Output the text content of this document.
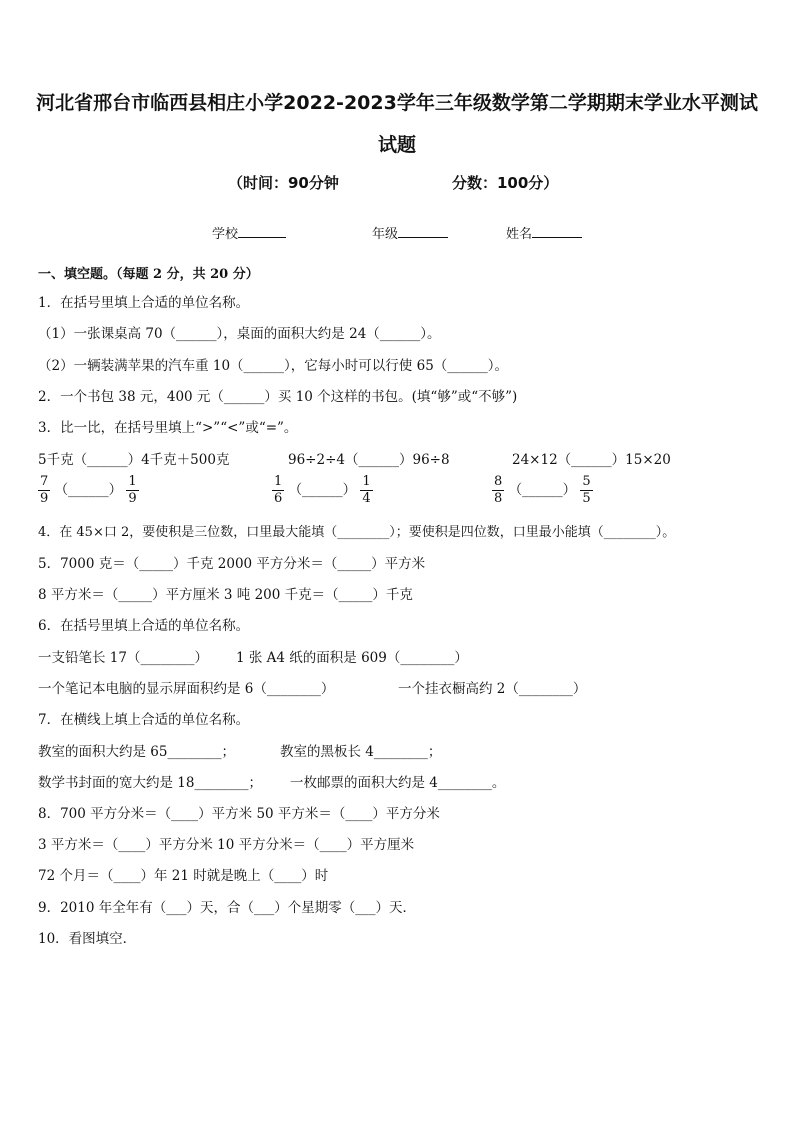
河北省邢台市临西县相庄小学2022-2023学年三年级数学第二学期期末学业水平测试
试题
（时间：90分钟	分数：100分）
学校	年级	姓名
一、填空题。（每题 2 分，共 20 分）
1．在括号里填上合适的单位名称。
（1）一张课桌高 70（______），桌面的面积大约是 24（______）。
（2）一辆装满苹果的汽车重 10（______），它每小时可以行使 65（______）。
2．一个书包 38 元，400 元（______）买 10 个这样的书包。(填“够”或“不够”)
3．比一比，在括号里填上“>”“<”或“=”。
5千克（______）4千克＋500克	96÷2÷4（______）96÷8	24×12（______）15×20
$\frac{7}{9}$ （______） $\frac{1}{9}$	$\frac{1}{6}$ （______） $\frac{1}{4}$	$\frac{8}{8}$ （______） $\frac{5}{5}$
4．在 45×口 2，要使积是三位数，口里最大能填（________）；要使积是四位数，口里最小能填（________）。
5．7000 克＝（_____）千克 2000 平方分米＝（_____）平方米
8 平方米＝（_____）平方厘米 3 吨 200 千克＝（_____）千克
6．在括号里填上合适的单位名称。
一支铅笔长 17（________） 1 张 A4 纸的面积是 609（________）
一个笔记本电脑的显示屏面积约是 6（________）	一个挂衣橱高约 2（________）
7．在横线上填上合适的单位名称。
教室的面积大约是 65________；	教室的黑板长 4________；
数学书封面的宽大约是 18________； 一枚邮票的面积大约是 4________。
8．700 平方分米＝（____）平方米 50 平方米＝（____）平方分米
3 平方米＝（____）平方分米 10 平方分米＝（____）平方厘米
72 个月＝（____）年 21 时就是晚上（____）时
9．2010 年全年有（___）天，合（___）个星期零（___）天．
10．看图填空．
